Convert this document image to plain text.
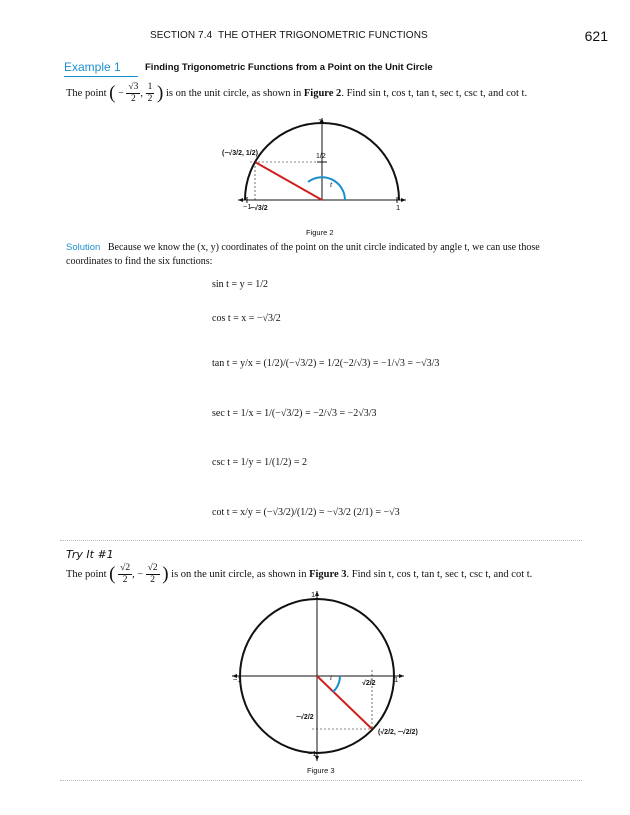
SECTION 7.4 THE OTHER TRIGONOMETRIC FUNCTIONS	621
Example 1	Finding Trigonometric Functions from a Point on the Unit Circle
The point ( − $\frac{√3}{2}$ , $\frac{1}{2}$ ) is on the unit circle, as shown in Figure 2. Find sin t, cos t, tan t, sec t, csc t, and cot t.
1
−1	1
1/2
t
(−√3/2, 1/2)
−√3/2
Figure 2
Solution Because we know the (x, y) coordinates of the point on the unit circle indicated by angle t, we can use those coordinates to find the six functions:
sin t = y = 1/2
cos t = x = −√3/2
tan t = y/x = (1/2)/(−√3/2) = 1/2(−2/√3) = −1/√3 = −√3/3
sec t = 1/x = 1/(−√3/2) = −2/√3 = −2√3/3
csc t = 1/y = 1/(1/2) = 2
cot t = x/y = (−√3/2)/(1/2) = −√3/2 (2/1) = −√3
Try It #1
The point ( $\frac{√2}{2}$ , − $\frac{√2}{2}$ ) is on the unit circle, as shown in Figure 3. Find sin t, cos t, tan t, sec t, csc t, and cot t.
1
−1
−1	1
t
√2/2
−√2/2
(√2/2, −√2/2)
Figure 3
